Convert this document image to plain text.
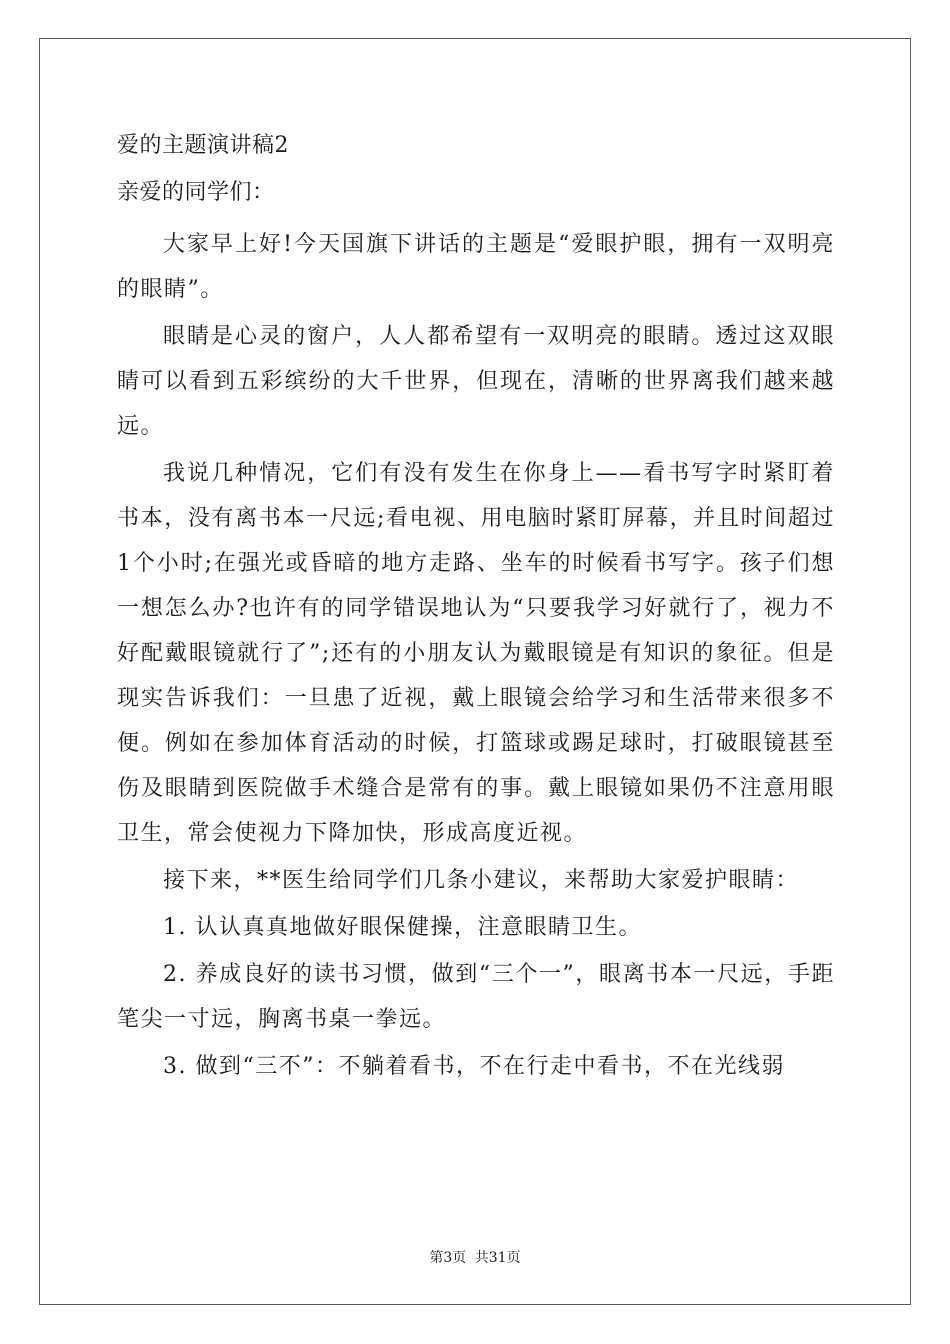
爱的主题演讲稿2
亲爱的同学们：

大家早上好!今天国旗下讲话的主题是“爱眼护眼，拥有一双明亮的眼睛”。

眼睛是心灵的窗户，人人都希望有一双明亮的眼睛。透过这双眼睛可以看到五彩缤纷的大千世界，但现在，清晰的世界离我们越来越远。

我说几种情况，它们有没有发生在你身上——看书写字时紧盯着书本，没有离书本一尺远;看电视、用电脑时紧盯屏幕，并且时间超过1个小时;在强光或昏暗的地方走路、坐车的时候看书写字。孩子们想一想怎么办?也许有的同学错误地认为“只要我学习好就行了，视力不好配戴眼镜就行了”;还有的小朋友认为戴眼镜是有知识的象征。但是现实告诉我们：一旦患了近视，戴上眼镜会给学习和生活带来很多不便。例如在参加体育活动的时候，打篮球或踢足球时，打破眼镜甚至伤及眼睛到医院做手术缝合是常有的事。戴上眼镜如果仍不注意用眼卫生，常会使视力下降加快，形成高度近视。

接下来，**医生给同学们几条小建议，来帮助大家爱护眼睛：

1. 认认真真地做好眼保健操，注意眼睛卫生。

2. 养成良好的读书习惯，做到“三个一”，眼离书本一尺远，手距笔尖一寸远，胸离书桌一拳远。

3. 做到“三不”：不躺着看书，不在行走中看书，不在光线弱

第3页 共31页
